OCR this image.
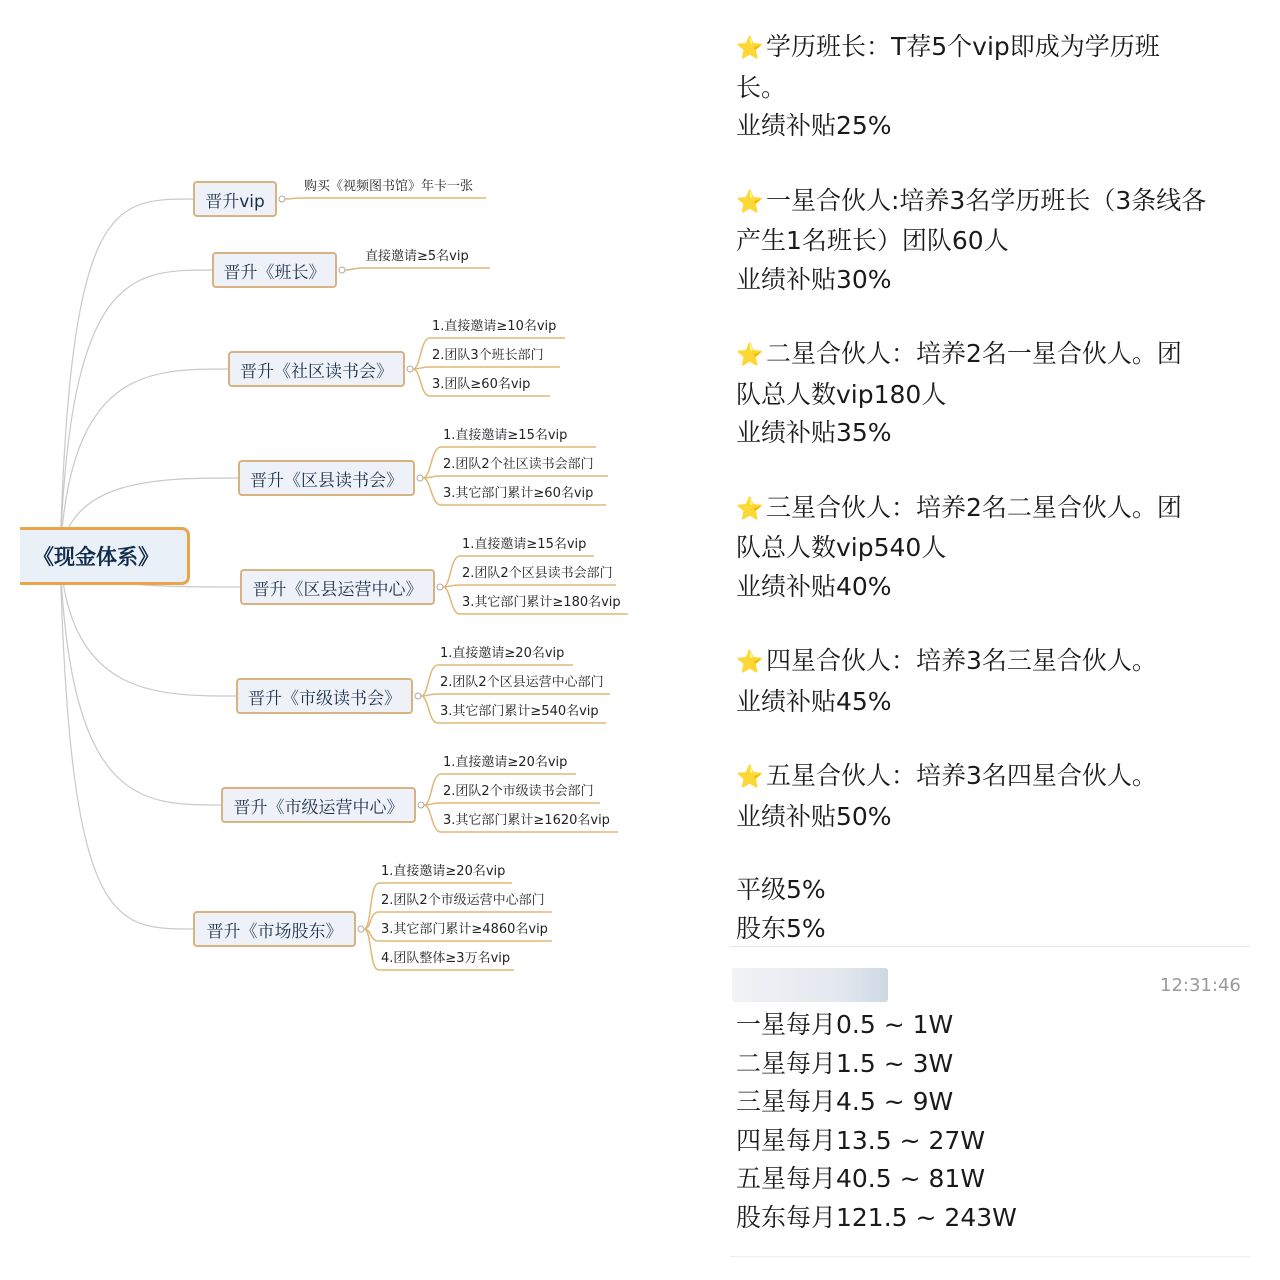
《现金体系》
晋升vip
晋升《班长》
晋升《社区读书会》
晋升《区县读书会》
晋升《区县运营中心》
晋升《市级读书会》
晋升《市级运营中心》
晋升《市场股东》
购买《视频图书馆》年卡一张
直接邀请≥5名vip
1.直接邀请≥10名vip
2.团队3个班长部门
3.团队≥60名vip
1.直接邀请≥15名vip
2.团队2个社区读书会部门
3.其它部门累计≥60名vip
1.直接邀请≥15名vip
2.团队2个区县读书会部门
3.其它部门累计≥180名vip
1.直接邀请≥20名vip
2.团队2个区县运营中心部门
3.其它部门累计≥540名vip
1.直接邀请≥20名vip
2.团队2个市级读书会部门
3.其它部门累计≥1620名vip
1.直接邀请≥20名vip
2.团队2个市级运营中心部门
3.其它部门累计≥4860名vip
4.团队整体≥3万名vip
⭐ 学历班长：T荐5个vip即成为学历班
长。
业绩补贴25%
⭐ 一星合伙人:培养3名学历班长（3条线各
产生1名班长）团队60人
业绩补贴30%
⭐ 二星合伙人：培养2名一星合伙人。团
队总人数vip180人
业绩补贴35%
⭐ 三星合伙人：培养2名二星合伙人。团
队总人数vip540人
业绩补贴40%
⭐ 四星合伙人：培养3名三星合伙人。
业绩补贴45%
⭐ 五星合伙人：培养3名四星合伙人。
业绩补贴50%
平级5%
股东5%
12:31:46
一星每月0.5 ~ 1W
二星每月1.5 ~ 3W
三星每月4.5 ~ 9W
四星每月13.5 ~ 27W
五星每月40.5 ~ 81W
股东每月121.5 ~ 243W
